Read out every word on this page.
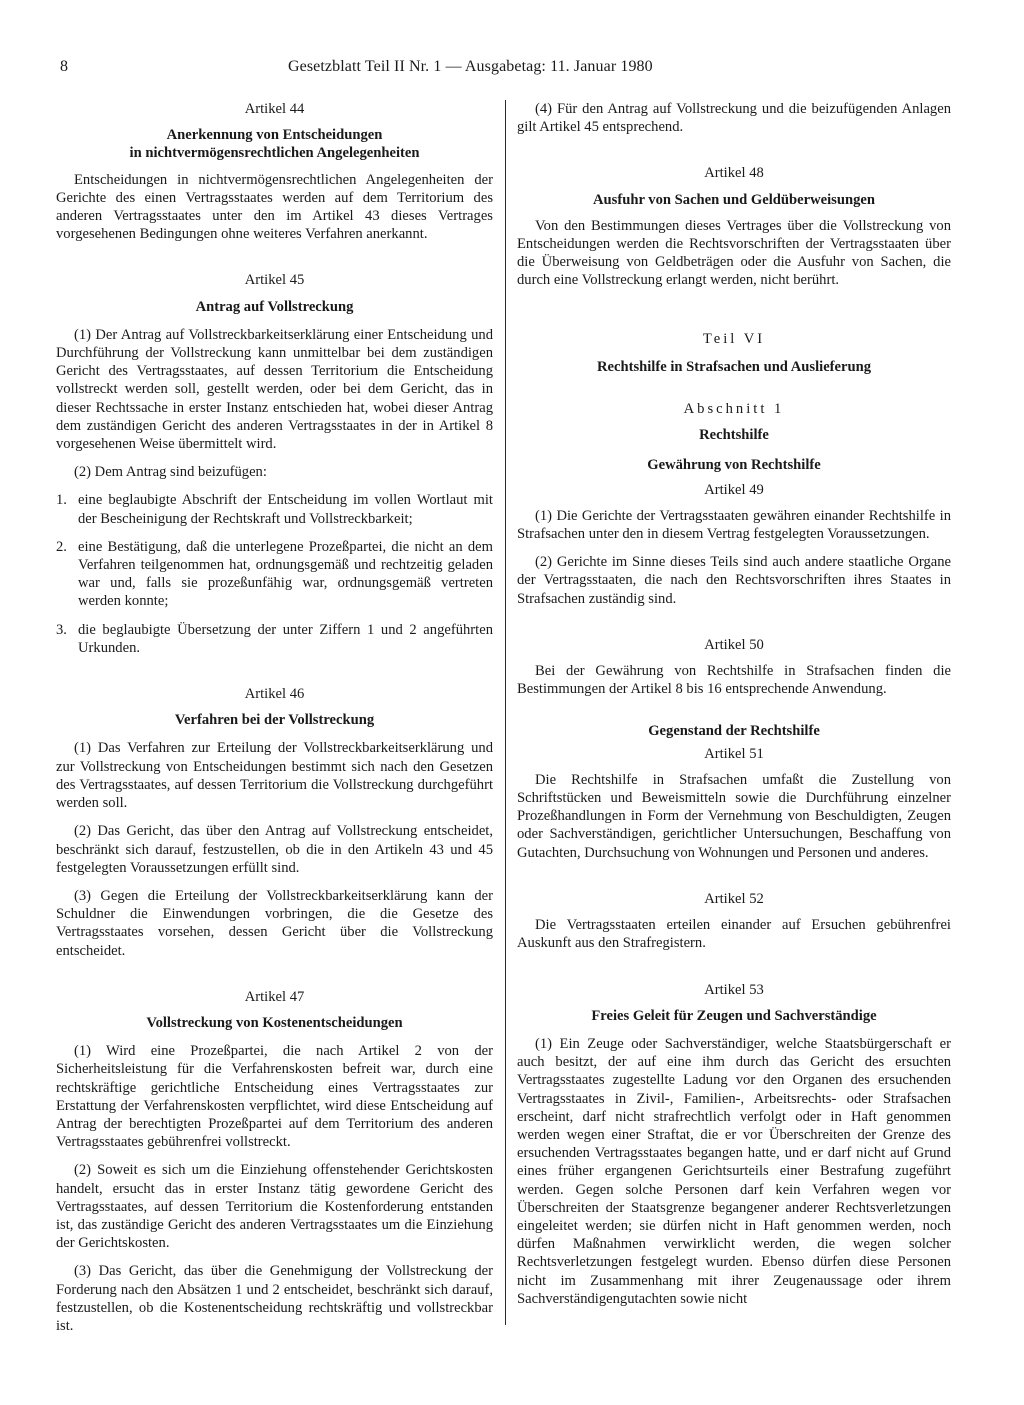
8	Gesetzblatt Teil II Nr. 1 — Ausgabetag: 11. Januar 1980

Artikel 44

Anerkennung von Entscheidungen

in nichtvermögensrechtlichen Angelegenheiten

Entscheidungen in nichtvermögensrechtlichen Angelegenheiten der Gerichte des einen Vertragsstaates werden auf dem Territorium des anderen Vertragsstaates unter den im Artikel 43 dieses Vertrages vorgesehenen Bedingungen ohne weiteres Verfahren anerkannt.

Artikel 45

Antrag auf Vollstreckung

(1) Der Antrag auf Vollstreckbarkeitserklärung einer Entscheidung und Durchführung der Vollstreckung kann unmittelbar bei dem zuständigen Gericht des Vertragsstaates, auf dessen Territorium die Entscheidung vollstreckt werden soll, gestellt werden, oder bei dem Gericht, das in dieser Rechtssache in erster Instanz entschieden hat, wobei dieser Antrag dem zuständigen Gericht des anderen Vertragsstaates in der in Artikel 8 vorgesehenen Weise übermittelt wird.

(2) Dem Antrag sind beizufügen:

1. eine beglaubigte Abschrift der Entscheidung im vollen Wortlaut mit der Bescheinigung der Rechtskraft und Vollstreckbarkeit;
2. eine Bestätigung, daß die unterlegene Prozeßpartei, die nicht an dem Verfahren teilgenommen hat, ordnungsgemäß und rechtzeitig geladen war und, falls sie prozeßunfähig war, ordnungsgemäß vertreten werden konnte;
3. die beglaubigte Übersetzung der unter Ziffern 1 und 2 angeführten Urkunden.

Artikel 46

Verfahren bei der Vollstreckung

(1) Das Verfahren zur Erteilung der Vollstreckbarkeitserklärung und zur Vollstreckung von Entscheidungen bestimmt sich nach den Gesetzen des Vertragsstaates, auf dessen Territorium die Vollstreckung durchgeführt werden soll.

(2) Das Gericht, das über den Antrag auf Vollstreckung entscheidet, beschränkt sich darauf, festzustellen, ob die in den Artikeln 43 und 45 festgelegten Voraussetzungen erfüllt sind.

(3) Gegen die Erteilung der Vollstreckbarkeitserklärung kann der Schuldner die Einwendungen vorbringen, die die Gesetze des Vertragsstaates vorsehen, dessen Gericht über die Vollstreckung entscheidet.

Artikel 47

Vollstreckung von Kostenentscheidungen

(1) Wird eine Prozeßpartei, die nach Artikel 2 von der Sicherheitsleistung für die Verfahrenskosten befreit war, durch eine rechtskräftige gerichtliche Entscheidung eines Vertragsstaates zur Erstattung der Verfahrenskosten verpflichtet, wird diese Entscheidung auf Antrag der berechtigten Prozeßpartei auf dem Territorium des anderen Vertragsstaates gebührenfrei vollstreckt.

(2) Soweit es sich um die Einziehung offenstehender Gerichtskosten handelt, ersucht das in erster Instanz tätig gewordene Gericht des Vertragsstaates, auf dessen Territorium die Kostenforderung entstanden ist, das zuständige Gericht des anderen Vertragsstaates um die Einziehung der Gerichtskosten.

(3) Das Gericht, das über die Genehmigung der Vollstreckung der Forderung nach den Absätzen 1 und 2 entscheidet, beschränkt sich darauf, festzustellen, ob die Kostenentscheidung rechtskräftig und vollstreckbar ist.

(4) Für den Antrag auf Vollstreckung und die beizufügenden Anlagen gilt Artikel 45 entsprechend.

Artikel 48

Ausfuhr von Sachen und Geldüberweisungen

Von den Bestimmungen dieses Vertrages über die Vollstreckung von Entscheidungen werden die Rechtsvorschriften der Vertragsstaaten über die Überweisung von Geldbeträgen oder die Ausfuhr von Sachen, die durch eine Vollstreckung erlangt werden, nicht berührt.

Teil VI

Rechtshilfe in Strafsachen und Auslieferung

Abschnitt 1

Rechtshilfe

Gewährung von Rechtshilfe

Artikel 49

(1) Die Gerichte der Vertragsstaaten gewähren einander Rechtshilfe in Strafsachen unter den in diesem Vertrag festgelegten Voraussetzungen.

(2) Gerichte im Sinne dieses Teils sind auch andere staatliche Organe der Vertragsstaaten, die nach den Rechtsvorschriften ihres Staates in Strafsachen zuständig sind.

Artikel 50

Bei der Gewährung von Rechtshilfe in Strafsachen finden die Bestimmungen der Artikel 8 bis 16 entsprechende Anwendung.

Gegenstand der Rechtshilfe

Artikel 51

Die Rechtshilfe in Strafsachen umfaßt die Zustellung von Schriftstücken und Beweismitteln sowie die Durchführung einzelner Prozeßhandlungen in Form der Vernehmung von Beschuldigten, Zeugen oder Sachverständigen, gerichtlicher Untersuchungen, Beschaffung von Gutachten, Durchsuchung von Wohnungen und Personen und anderes.

Artikel 52

Die Vertragsstaaten erteilen einander auf Ersuchen gebührenfrei Auskunft aus den Strafregistern.

Artikel 53

Freies Geleit für Zeugen und Sachverständige

(1) Ein Zeuge oder Sachverständiger, welche Staatsbürgerschaft er auch besitzt, der auf eine ihm durch das Gericht des ersuchten Vertragsstaates zugestellte Ladung vor den Organen des ersuchenden Vertragsstaates in Zivil-, Familien-, Arbeitsrechts- oder Strafsachen erscheint, darf nicht strafrechtlich verfolgt oder in Haft genommen werden wegen einer Straftat, die er vor Überschreiten der Grenze des ersuchenden Vertragsstaates begangen hatte, und er darf nicht auf Grund eines früher ergangenen Gerichtsurteils einer Bestrafung zugeführt werden. Gegen solche Personen darf kein Verfahren wegen vor Überschreiten der Staatsgrenze begangener anderer Rechtsverletzungen eingeleitet werden; sie dürfen nicht in Haft genommen werden, noch dürfen Maßnahmen verwirklicht werden, die wegen solcher Rechtsverletzungen festgelegt wurden. Ebenso dürfen diese Personen nicht im Zusammenhang mit ihrer Zeugenaussage oder ihrem Sachverständigengutachten sowie nicht
